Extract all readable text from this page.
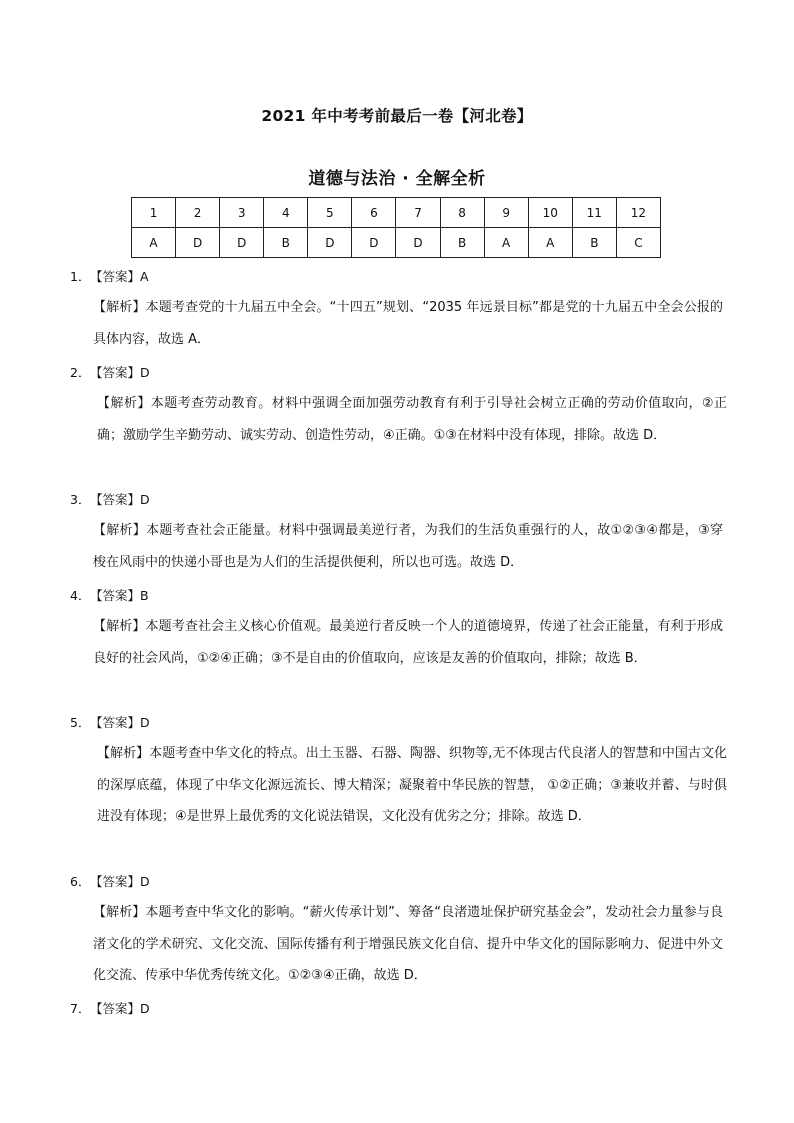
2021 年中考考前最后一卷【河北卷】
道德与法治 · 全解全析
1	2	3	4	5	6	7	8	9	10	11	12
A	D	D	B	D	D	D	B	A	A	B	C
1．【答案】A
【解析】本题考查党的十九届五中全会。“十四五”规划、“2035 年远景目标”都是党的十九届五中全会公报的具体内容，故选 A．
2．【答案】D
【解析】本题考查劳动教育。材料中强调全面加强劳动教育有利于引导社会树立正确的劳动价值取向，②正确；激励学生辛勤劳动、诚实劳动、创造性劳动，④正确。①③在材料中没有体现，排除。故选 D．
3．【答案】D
【解析】本题考查社会正能量。材料中强调最美逆行者，为我们的生活负重强行的人，故①②③④都是，③穿梭在风雨中的快递小哥也是为人们的生活提供便利，所以也可选。故选 D．
4．【答案】B
【解析】本题考查社会主义核心价值观。最美逆行者反映一个人的道德境界，传递了社会正能量，有利于形成良好的社会风尚，①②④正确；③不是自由的价值取向，应该是友善的价值取向，排除；故选 B．
5．【答案】D
【解析】本题考查中华文化的特点。出土玉器、石器、陶器、织物等,无不体现古代良渚人的智慧和中国古文化的深厚底蕴，体现了中华文化源远流长、博大精深；凝聚着中华民族的智慧， ①②正确；③兼收并蓄、与时俱进没有体现；④是世界上最优秀的文化说法错误，文化没有优劣之分；排除。故选 D．
6．【答案】D
【解析】本题考查中华文化的影响。“薪火传承计划”、筹备“良渚遗址保护研究基金会”，发动社会力量参与良渚文化的学术研究、文化交流、国际传播有利于增强民族文化自信、提升中华文化的国际影响力、促进中外文化交流、传承中华优秀传统文化。①②③④正确，故选 D．
7．【答案】D
